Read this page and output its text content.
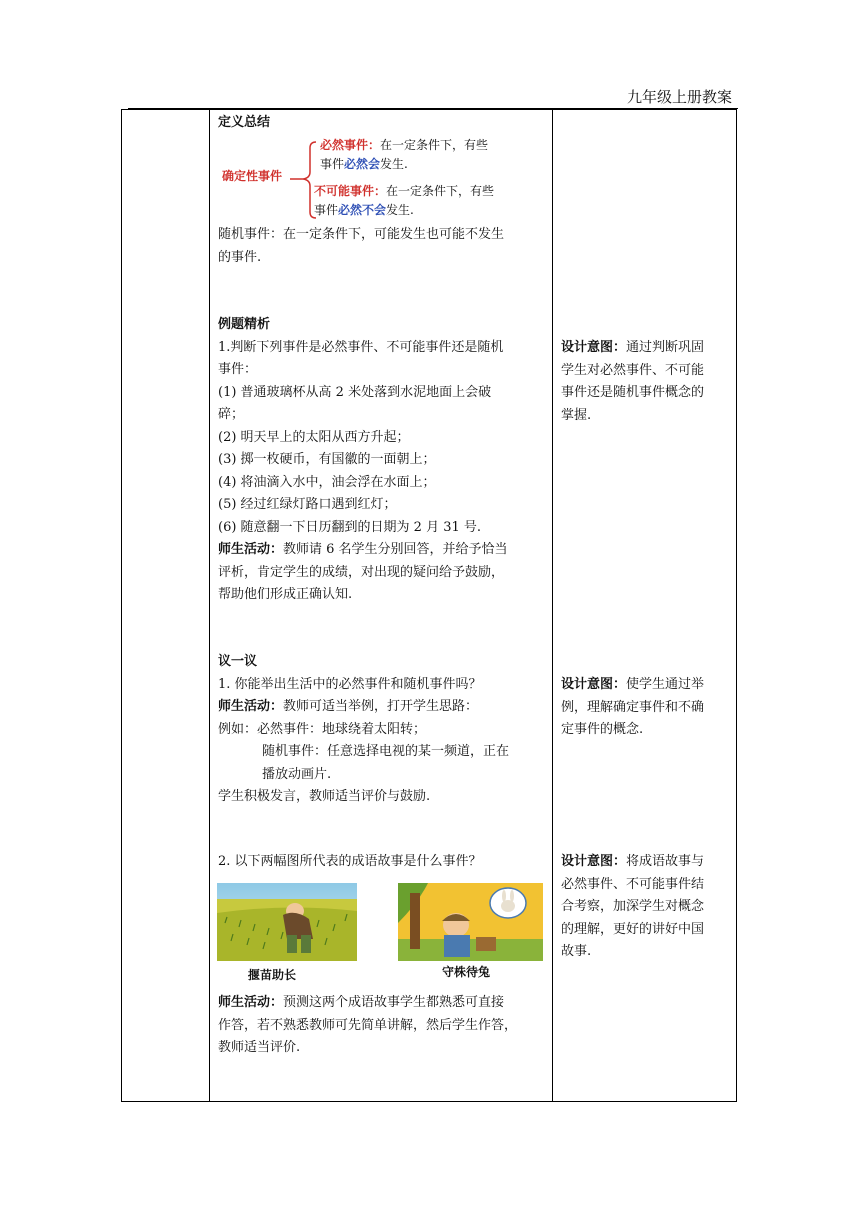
九年级上册教案
定义总结
确定性事件
必然事件：在一定条件下，有些
事件必然会发生.
不可能事件：在一定条件下，有些
事件必然不会发生.
随机事件：在一定条件下，可能发生也可能不发生
的事件.
例题精析
1.判断下列事件是必然事件、不可能事件还是随机
事件：
(1) 普通玻璃杯从高 2 米处落到水泥地面上会破
碎；
(2) 明天早上的太阳从西方升起；
(3) 掷一枚硬币，有国徽的一面朝上；
(4) 将油滴入水中，油会浮在水面上；
(5) 经过红绿灯路口遇到红灯；
(6) 随意翻一下日历翻到的日期为 2 月 31 号.
师生活动：教师请 6 名学生分别回答，并给予恰当
评析，肯定学生的成绩，对出现的疑问给予鼓励，
帮助他们形成正确认知.
设计意图：通过判断巩固
学生对必然事件、不可能
事件还是随机事件概念的
掌握.
议一议
1. 你能举出生活中的必然事件和随机事件吗？
师生活动：教师可适当举例，打开学生思路：
例如：必然事件：地球绕着太阳转；
随机事件：任意选择电视的某一频道，正在
播放动画片.
学生积极发言，教师适当评价与鼓励.
设计意图：使学生通过举
例，理解确定事件和不确
定事件的概念.
2. 以下两幅图所代表的成语故事是什么事件？
揠苗助长	守株待兔
师生活动：预测这两个成语故事学生都熟悉可直接
作答，若不熟悉教师可先简单讲解，然后学生作答，
教师适当评价.
设计意图：将成语故事与
必然事件、不可能事件结
合考察，加深学生对概念
的理解，更好的讲好中国
故事.
